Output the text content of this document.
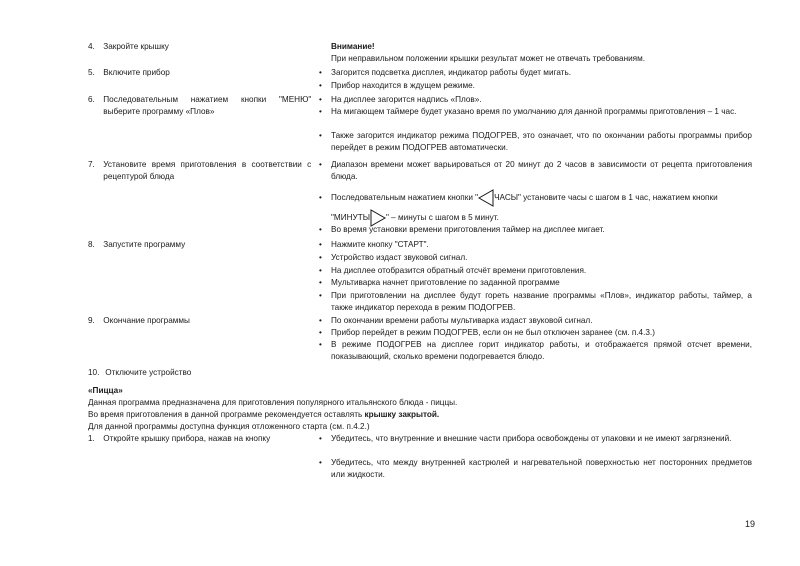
4. Закройте крышку	Внимание!
При неправильном положении крышки результат может не отвечать требованиям.
5. Включите прибор	• Загорится подсветка дисплея, индикатор работы будет мигать.
• Прибор находится в ждущем режиме.
• На дисплее загорится надпись «Плов».
• На мигающем таймере будет указано время по умолчанию для данной программы приготовления – 1 час.
• Также загорится индикатор режима ПОДОГРЕВ, это означает, что по окончании работы программы прибор перейдет в режим ПОДОГРЕВ автоматически.
• Диапазон времени может варьироваться от 20 минут до 2 часов в зависимости от рецепта приготовления блюда.
• Последовательным нажатием кнопки " ЧАСЫ" установите часы с шагом в 1 час, нажатием кнопки
"МИНУТЫ " – минуты с шагом в 5 минут.
• Во время установки времени приготовления таймер на дисплее мигает.
• Нажмите кнопку "СТАРТ".
• Устройство издаст звуковой сигнал.
• На дисплее отобразится обратный отсчёт времени приготовления.
• Мультиварка начнет приготовление по заданной программе
• При приготовлении на дисплее будут гореть название программы «Плов», индикатор работы, таймер, а также индикатор перехода в режим ПОДОГРЕВ.
• По окончании времени работы мультиварка издаст звуковой сигнал.
• Прибор перейдет в режим ПОДОГРЕВ, если он не был отключен заранее (см. п.4.3.)
• В режиме ПОДОГРЕВ на дисплее горит индикатор работы, и отображается прямой отсчет времени, показывающий, сколько времени подогревается блюдо.
• Убедитесь, что внутренние и внешние части прибора освобождены от упаковки и не имеют загрязнений.
• Убедитесь, что между внутренней кастрюлей и нагревательной поверхностью нет посторонних предметов или жидкости.
6. Последовательным нажатием кнопки "МЕНЮ" выберите программу «Плов»
7. Установите время приготовления в соответствии с рецептурой блюда
8. Запустите программу
9. Окончание программы
10. Отключите устройство
«Пицца»
Данная программа предназначена для приготовления популярного итальянского блюда - пиццы.
Во время приготовления в данной программе рекомендуется оставлять крышку закрытой.
Для данной программы доступна функция отложенного старта (см. п.4.2.)
1. Откройте крышку прибора, нажав на кнопку
19
